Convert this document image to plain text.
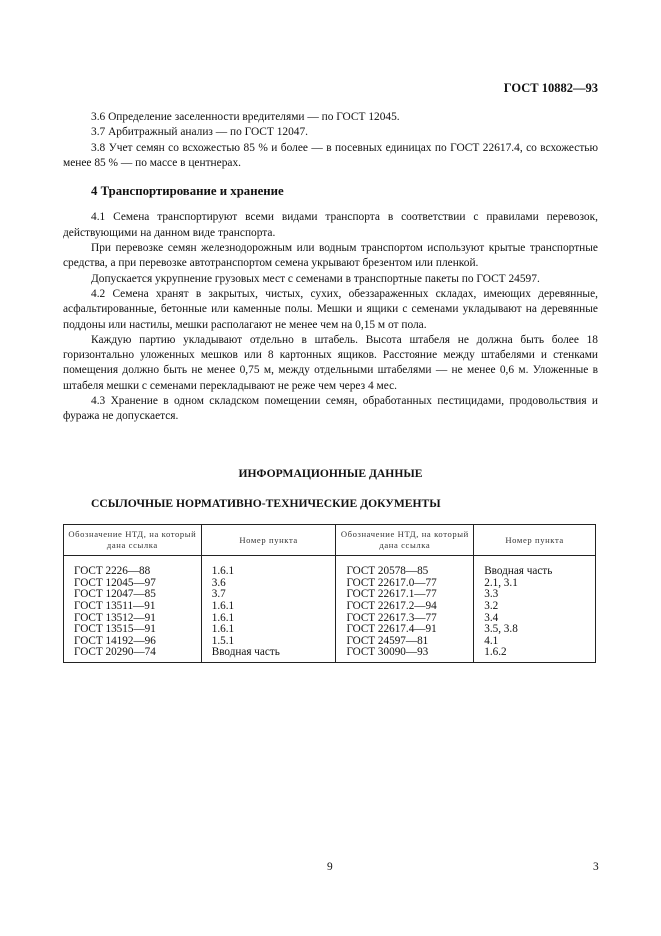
ГОСТ 10882—93

3.6 Определение заселенности вредителями — по ГОСТ 12045.

3.7 Арбитражный анализ — по ГОСТ 12047.

3.8 Учет семян со всхожестью 85 % и более — в посевных единицах по ГОСТ 22617.4, со всхожестью менее 85 % — по массе в центнерах.

4 Транспортирование и хранение

4.1 Семена транспортируют всеми видами транспорта в соответствии с правилами перевозок, действующими на данном виде транспорта.

При перевозке семян железнодорожным или водным транспортом используют крытые транспортные средства, а при перевозке автотранспортом семена укрывают брезентом или пленкой.

Допускается укрупнение грузовых мест с семенами в транспортные пакеты по ГОСТ 24597.

4.2 Семена хранят в закрытых, чистых, сухих, обеззараженных складах, имеющих деревянные, асфальтированные, бетонные или каменные полы. Мешки и ящики с семенами укладывают на деревянные поддоны или настилы, мешки располагают не менее чем на 0,15 м от пола.

Каждую партию укладывают отдельно в штабель. Высота штабеля не должна быть более 18 горизонтально уложенных мешков или 8 картонных ящиков. Расстояние между штабелями и стенками помещения должно быть не менее 0,75 м, между отдельными штабелями — не менее 0,6 м. Уложенные в штабеля мешки с семенами перекладывают не реже чем через 4 мес.

4.3 Хранение в одном складском помещении семян, обработанных пестицидами, продовольствия и фуража не допускается.

ИНФОРМАЦИОННЫЕ ДАННЫЕ
ССЫЛОЧНЫЕ НОРМАТИВНО-ТЕХНИЧЕСКИЕ ДОКУМЕНТЫ
Обозначение НТД, на который дана ссылка	Номер пункта	Обозначение НТД, на который дана ссылка	Номер пункта
ГОСТ 2226—88	1.6.1	ГОСТ 20578—85	Вводная часть
ГОСТ 12045—97	3.6	ГОСТ 22617.0—77	2.1, 3.1
ГОСТ 12047—85	3.7	ГОСТ 22617.1—77	3.3
ГОСТ 13511—91	1.6.1	ГОСТ 22617.2—94	3.2
ГОСТ 13512—91	1.6.1	ГОСТ 22617.3—77	3.4
ГОСТ 13515—91	1.6.1	ГОСТ 22617.4—91	3.5, 3.8
ГОСТ 14192—96	1.5.1	ГОСТ 24597—81	4.1
ГОСТ 20290—74	Вводная часть	ГОСТ 30090—93	1.6.2
9	3
